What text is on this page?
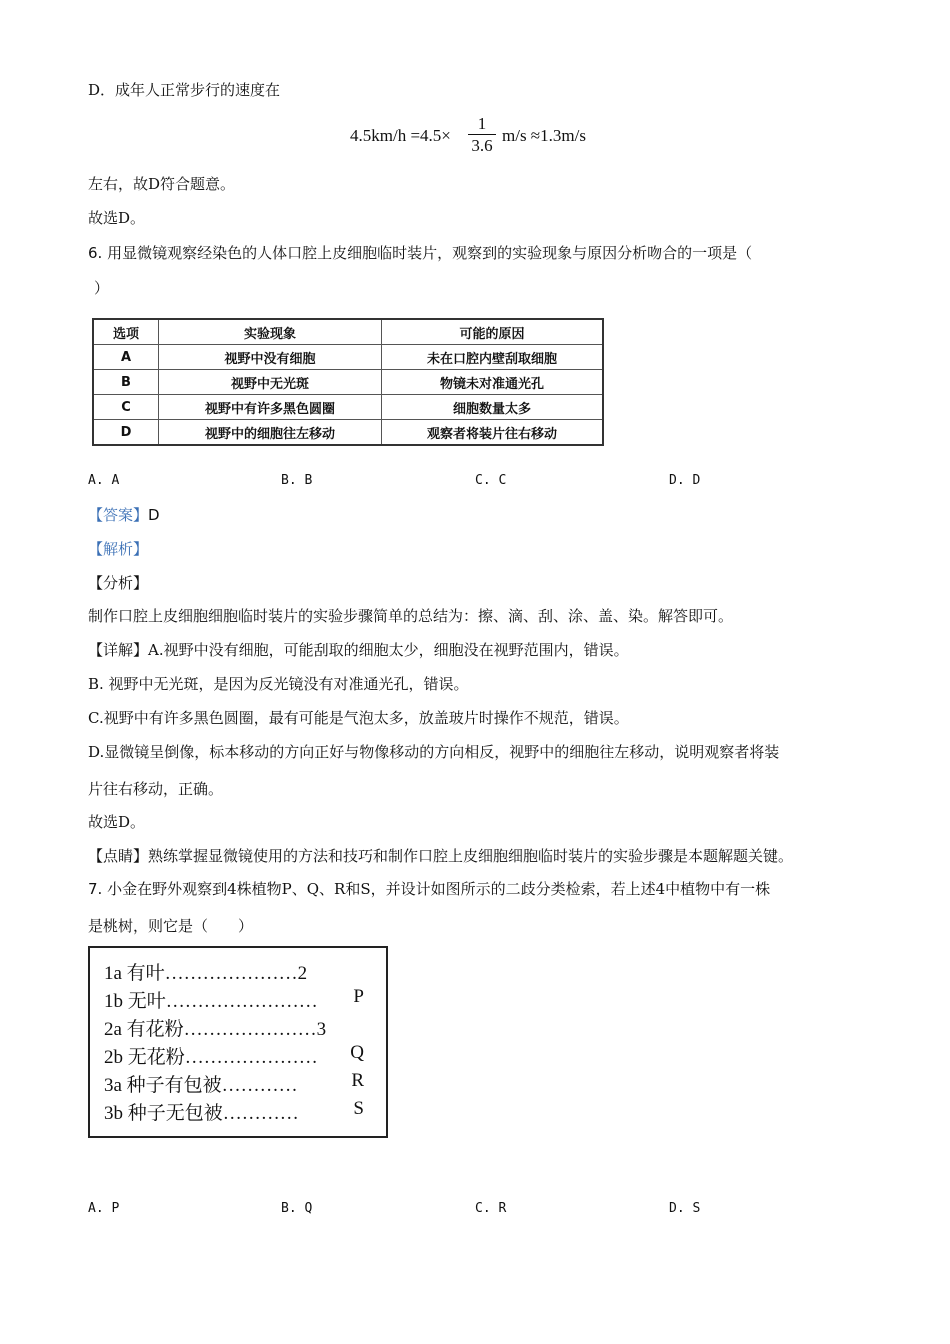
D．成年人正常步行的速度在
4.5km/h =4.5×
1
3.6
m/s ≈1.3m/s
左右，故D符合题意。
故选D。
6. 用显微镜观察经染色的人体口腔上皮细胞临时装片，观察到的实验现象与原因分析吻合的一项是（
）
选项	实验现象	可能的原因
A	视野中没有细胞	未在口腔内壁刮取细胞
B	视野中无光斑	物镜未对准通光孔
C	视野中有许多黑色圆圈	细胞数量太多
D	视野中的细胞往左移动	观察者将装片往右移动
A. A	B. B	C. C	D. D
【答案】D
【解析】
【分析】
制作口腔上皮细胞细胞临时装片的实验步骤简单的总结为：擦、滴、刮、涂、盖、染。解答即可。
【详解】A.视野中没有细胞，可能刮取的细胞太少，细胞没在视野范围内，错误。
B. 视野中无光斑，是因为反光镜没有对准通光孔，错误。
C.视野中有许多黑色圆圈，最有可能是气泡太多，放盖玻片时操作不规范，错误。
D.显微镜呈倒像，标本移动的方向正好与物像移动的方向相反，视野中的细胞往左移动，说明观察者将装
片往右移动，正确。
故选D。
【点睛】熟练掌握显微镜使用的方法和技巧和制作口腔上皮细胞细胞临时装片的实验步骤是本题解题关键。
7. 小金在野外观察到4株植物P、Q、R和S，并设计如图所示的二歧分类检索，若上述4中植物中有一株
是桃树，则它是（　　）
1a 有叶…………………2
1b 无叶…………………… P
2a 有花粉…………………3
2b 无花粉………………… Q
3a 种子有包被…………	R
3b 种子无包被…………	S
A. P	B. Q	C. R	D. S
